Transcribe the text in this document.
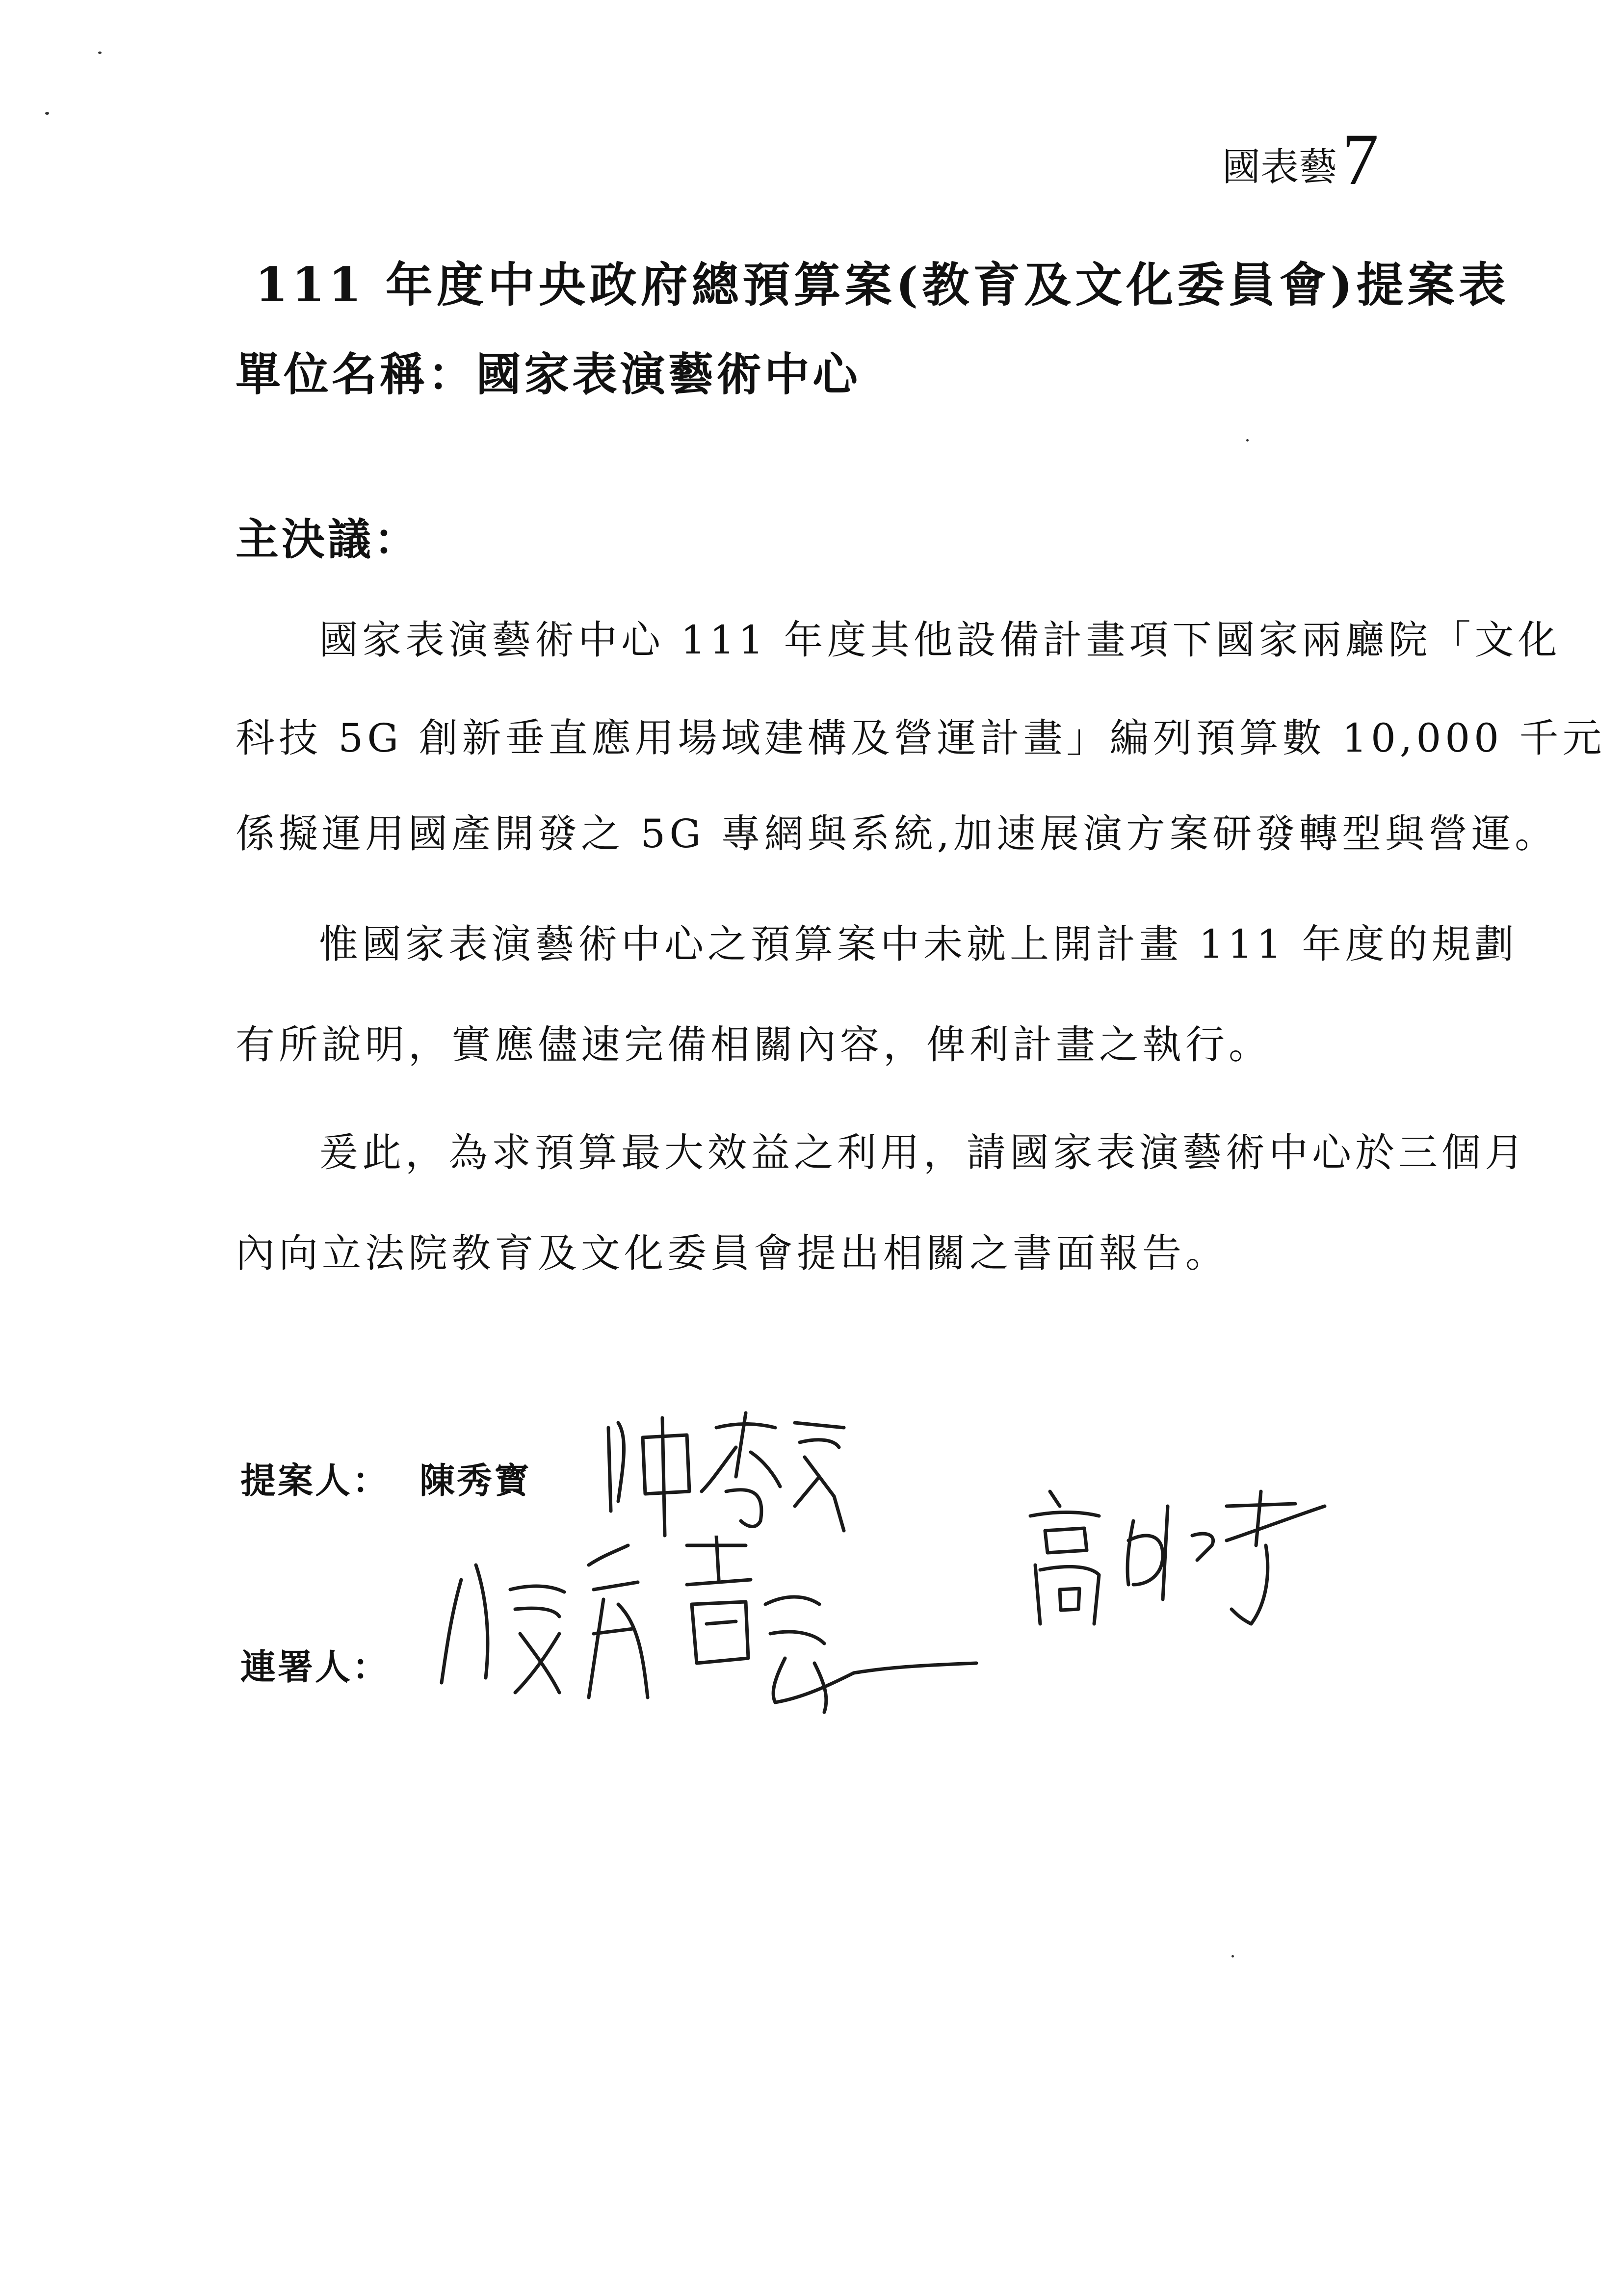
國表藝7
111 年度中央政府總預算案(教育及文化委員會)提案表
單位名稱：國家表演藝術中心
主決議：
國家表演藝術中心 111 年度其他設備計畫項下國家兩廳院「文化
科技 5G 創新垂直應用場域建構及營運計畫」編列預算數 10,000 千元
係擬運用國產開發之 5G 專網與系統,加速展演方案研發轉型與營運。
惟國家表演藝術中心之預算案中未就上開計畫 111 年度的規劃
有所說明，實應儘速完備相關內容，俾利計畫之執行。
爰此，為求預算最大效益之利用，請國家表演藝術中心於三個月
內向立法院教育及文化委員會提出相關之書面報告。
提案人： 陳秀寳
連署人：
